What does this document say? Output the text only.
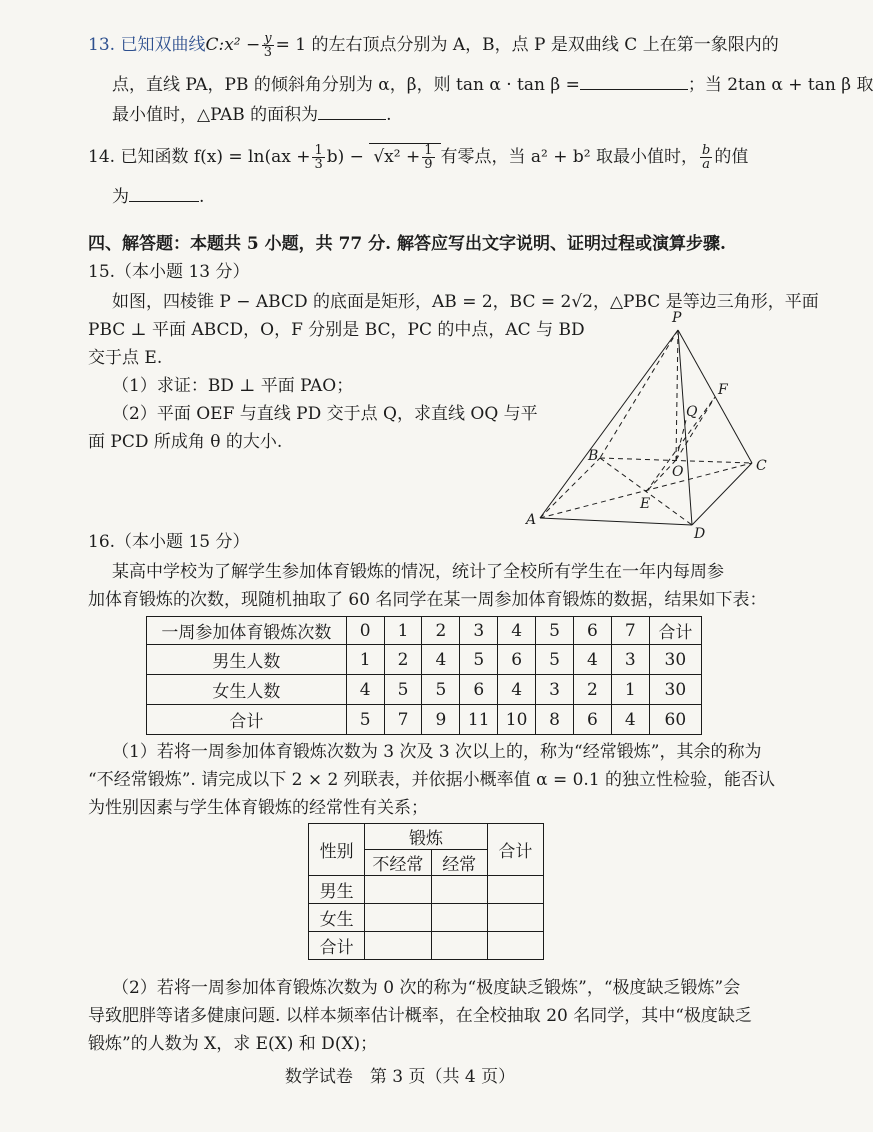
13. 已知双曲线C:x² − $\frac{y}{3} = 1$ 的左右顶点分别为 A，B，点 P 是双曲线 C 上在第一象限内的
点，直线 PA，PB 的倾斜角分别为 α，β，则 tan α · tan β =	；当 2tan α + tan β 取
最小值时，△PAB 的面积为	.
14. 已知函数 $f(x) = \ln(ax + \frac{1}{3} b) - √x^2 + \frac{1}{9}$ 有零点，当 a² + b² 取最小值时， $\frac{b}{a}$ 的值
为	.
四、解答题：本题共 5 小题，共 77 分. 解答应写出文字说明、证明过程或演算步骤.
15.（本小题 13 分）
如图，四棱锥 P − ABCD 的底面是矩形，AB = 2，BC = 2√2，△PBC 是等边三角形，平面
PBC ⊥ 平面 ABCD，O，F 分别是 BC，PC 的中点，AC 与 BD
交于点 E.
（1）求证：BD ⊥ 平面 PAO；
（2）平面 OEF 与直线 PD 交于点 Q，求直线 OQ 与平
面 PCD 所成角 θ 的大小.
P
F
Q
B
O	C
E
A
D
16.（本小题 15 分）
某高中学校为了解学生参加体育锻炼的情况，统计了全校所有学生在一年内每周参
加体育锻炼的次数，现随机抽取了 60 名同学在某一周参加体育锻炼的数据，结果如下表：
一周参加体育锻炼次数	0	1	2	3	4	5	6	7	合计
男生人数	1	2	4	5	6	5	4	3	30
女生人数	4	5	5	6	4	3	2	1	30
合计	5	7	9	11	10	8	6	4	60
（1）若将一周参加体育锻炼次数为 3 次及 3 次以上的，称为“经常锻炼”，其余的称为
“不经常锻炼”. 请完成以下 2 × 2 列联表，并依据小概率值 α = 0.1 的独立性检验，能否认
为性别因素与学生体育锻炼的经常性有关系；
性别	锻炼		合计
	不经常	经常	
男生			
女生			
合计			
（2）若将一周参加体育锻炼次数为 0 次的称为“极度缺乏锻炼”，“极度缺乏锻炼”会
导致肥胖等诸多健康问题. 以样本频率估计概率，在全校抽取 20 名同学，其中“极度缺乏
锻炼”的人数为 X，求 E(X) 和 D(X)；
数学试卷　第 3 页（共 4 页）
